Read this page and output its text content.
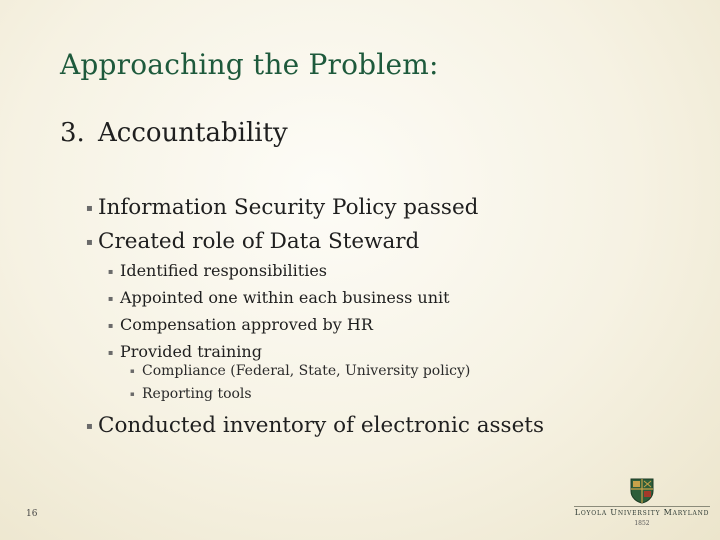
Approaching the Problem:
3. Accountability
▪ Information Security Policy passed
▪ Created role of Data Steward
▪ Identified responsibilities
▪ Appointed one within each business unit
▪ Compensation approved by HR
▪ Provided training
▪ Compliance (Federal, State, University policy)
▪ Reporting tools
▪ Conducted inventory of electronic assets
16	Loyola University Maryland
1852
